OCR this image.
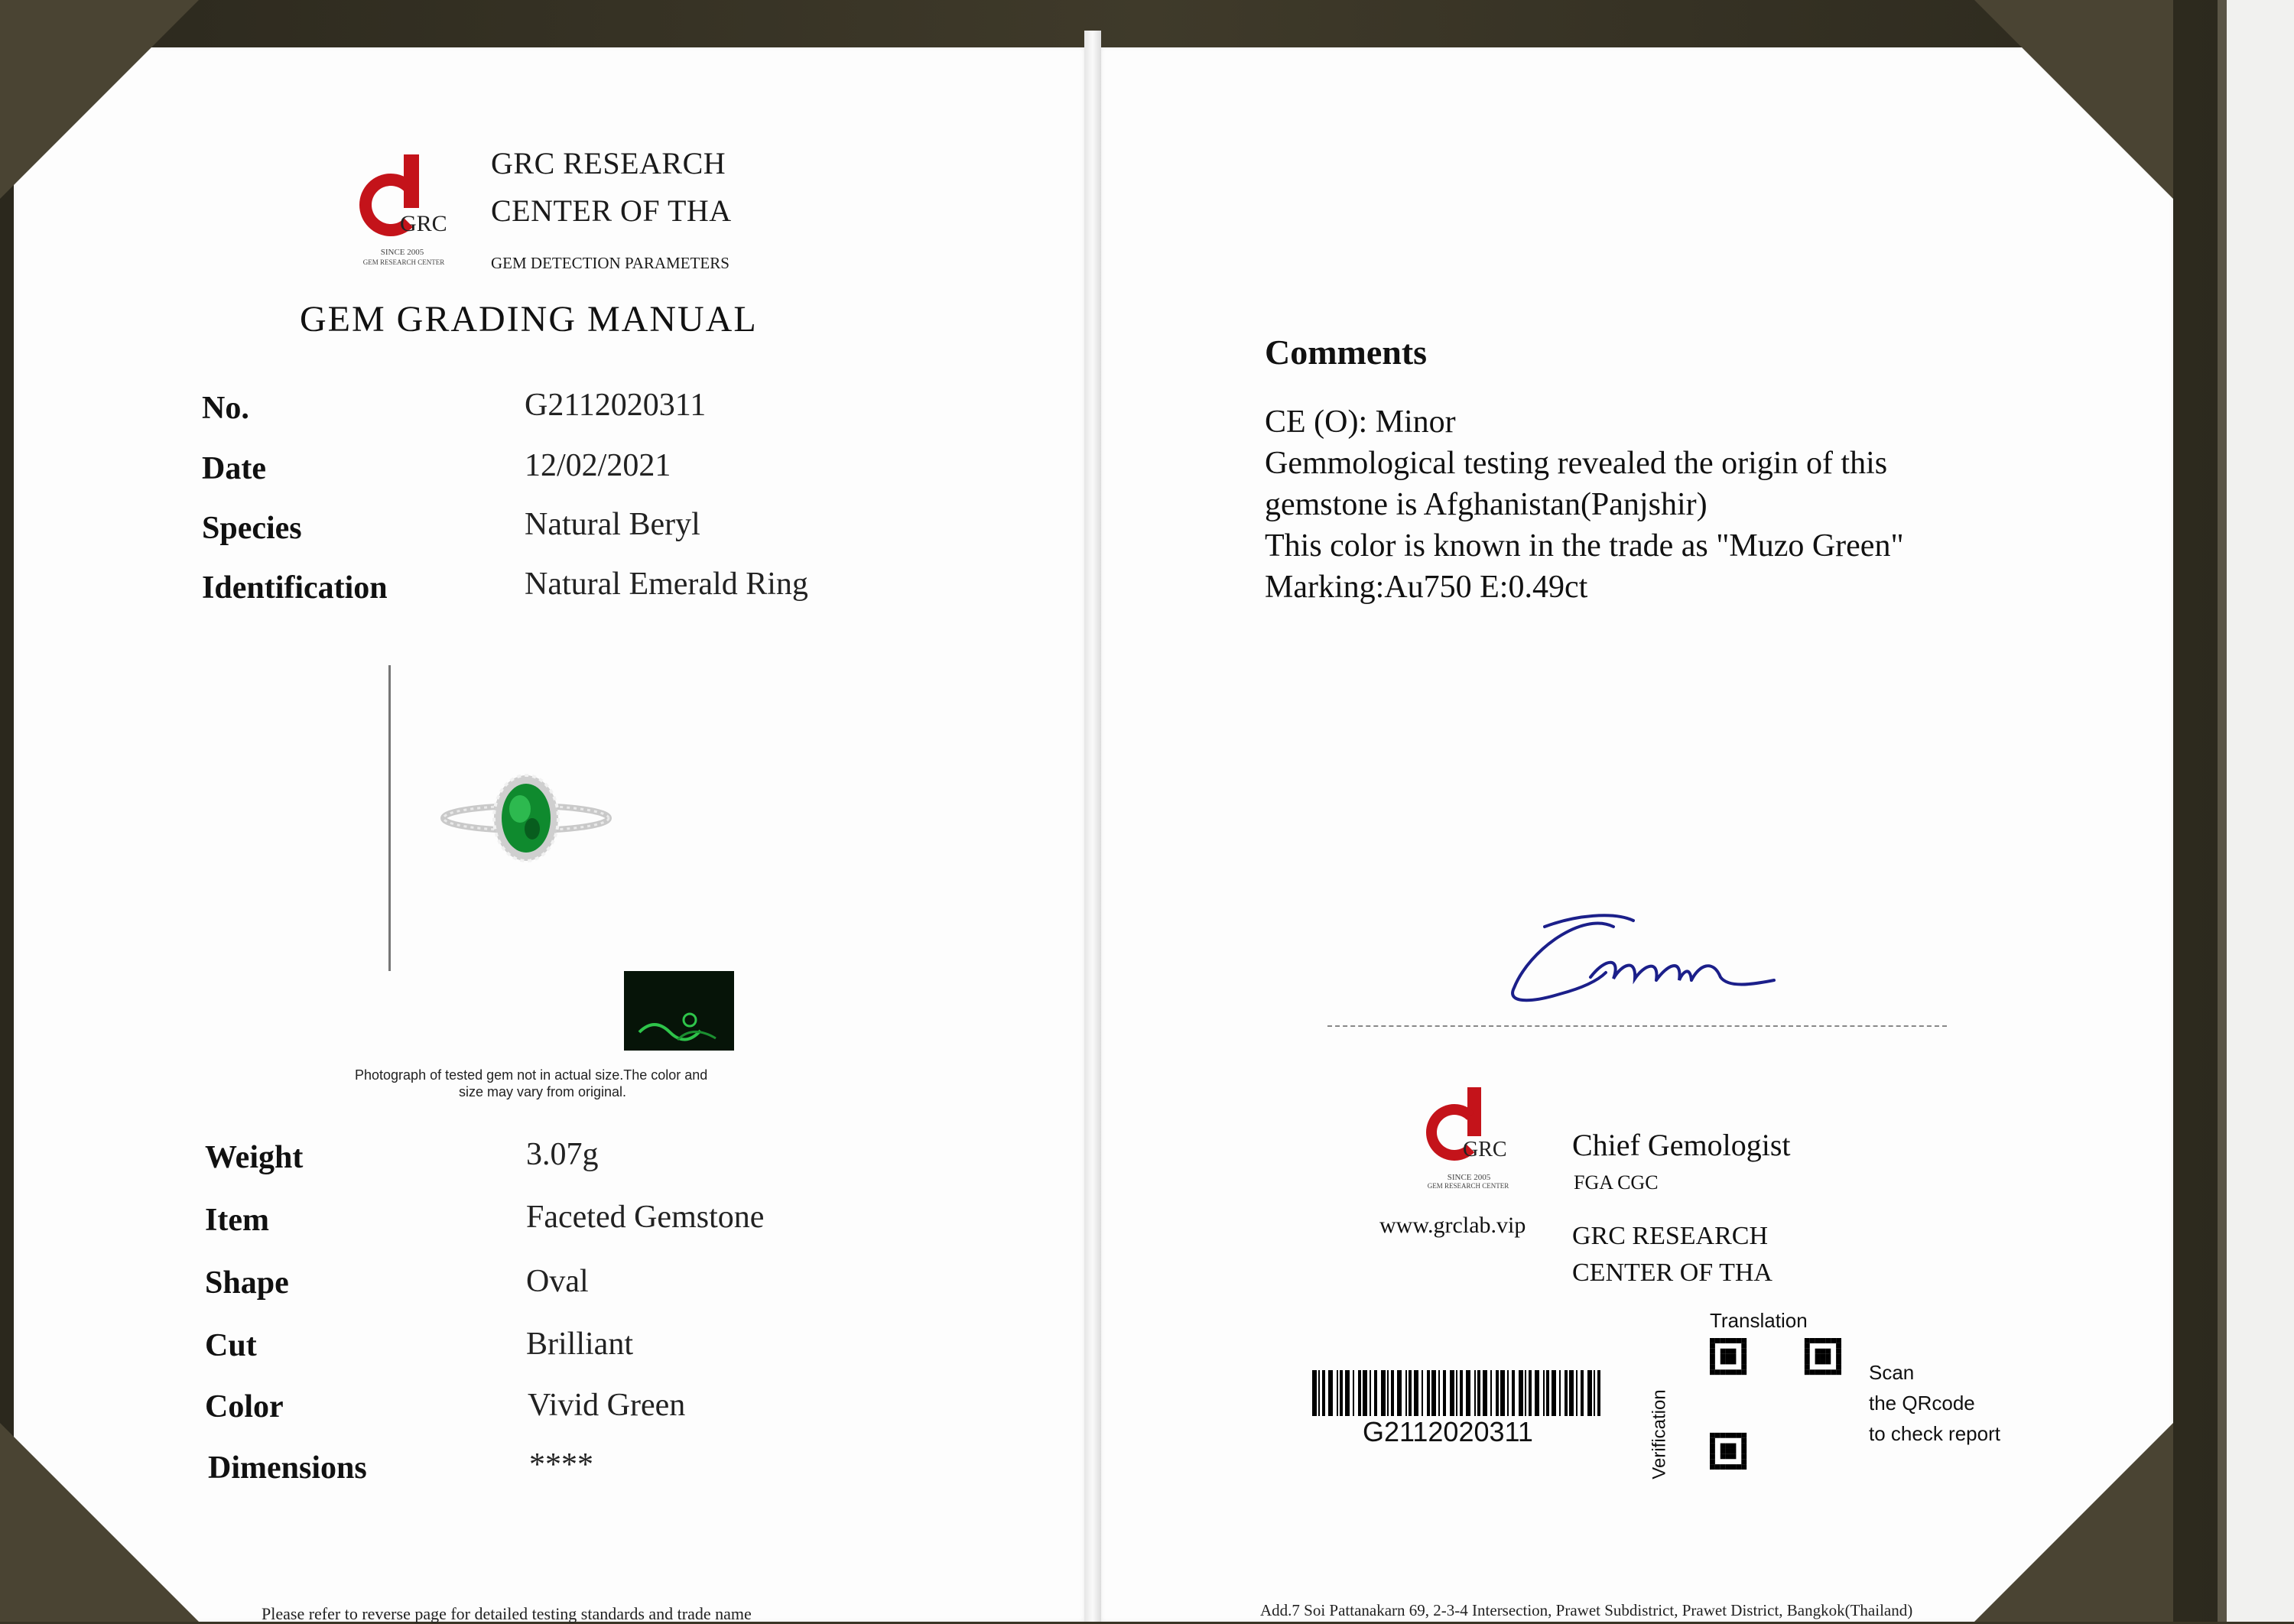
GRC
SINCE 2005
GEM RESEARCH CENTER
GRC RESEARCH
CENTER OF THA
GEM DETECTION PARAMETERS
GEM GRADING MANUAL
No.	G2112020311
Date	12/02/2021
Species	Natural Beryl
Identification	Natural Emerald Ring
Photograph of tested gem not in actual size.The color and
size may vary from original.
Weight	3.07g
Item	Faceted Gemstone
Shape	Oval
Cut	Brilliant
Color	Vivid Green
Dimensions	****
Please refer to reverse page for detailed testing standards and trade name
Comments
CE (O): Minor
Gemmological testing revealed the origin of this
gemstone is Afghanistan(Panjshir)
This color is known in the trade as "Muzo Green"
Marking:Au750 E:0.49ct
GRC
SINCE 2005
GEM RESEARCH CENTER
www.grclab.vip
Chief Gemologist
FGA CGC
GRC RESEARCH
CENTER OF THA
G2112020311
Translation
Verification
Scan
the QRcode
to check report
Add.7 Soi Pattanakarn 69, 2-3-4 Intersection, Prawet Subdistrict, Prawet District, Bangkok(Thailand)
